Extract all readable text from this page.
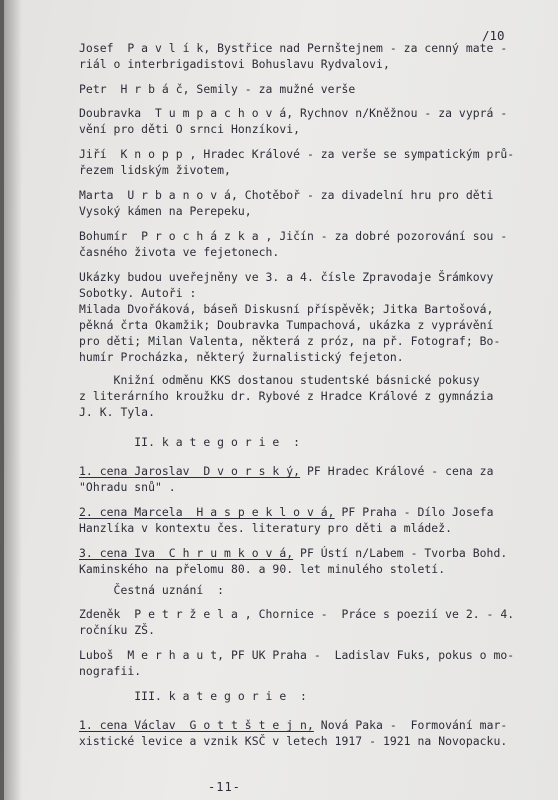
/10

Josef  P a v l í k, Bystřice nad Pernštejnem - za cenný mate -
riál o interbrigadistovi Bohuslavu Rydvalovi,

Petr  H r b á č, Semily - za mužné verše

Doubravka  T u m p a c h o v á, Rychnov n/Kněžnou - za vyprá -
vění pro děti O srnci Honzíkovi,

Jiří  K n o p p , Hradec Králové - za verše se sympatickým prů-
řezem lidským životem,

Marta  U r b a n o v á, Chotěboř - za divadelní hru pro děti
Vysoký kámen na Perepeku,

Bohumír  P r o c h á z k a , Jičín - za dobré pozorování sou -
časného života ve fejetonech.

Ukázky budou uveřejněny ve 3. a 4. čísle Zpravodaje Šrámkovy
Sobotky. Autoři :
Milada Dvořáková, báseň Diskusní příspěvěk; Jitka Bartošová,
pěkná črta Okamžik; Doubravka Tumpachová, ukázka z vyprávění
pro děti; Milan Valenta, některá z próz, na př. Fotograf; Bo-
humír Procházka, některý žurnalistický fejeton.

Knižní odměnu KKS dostanou studentské básnické pokusy
z literárního kroužku dr. Rybové z Hradce Králové z gymnázia
J. K. Tyla.

II. k a t e g o r i e  :

1. cena Jaroslav  D v o r s k ý, PF Hradec Králové - cena za
"Ohradu snů" .

2. cena Marcela  H a s p e k l o v á, PF Praha - Dílo Josefa
Hanzlíka v kontextu čes. literatury pro děti a mládež.

3. cena Iva  C h r u m k o v á, PF Ústí n/Labem - Tvorba Bohd.
Kaminského na přelomu 80. a 90. let minulého století.

Čestná uznání  :

Zdeněk  P e t r ž e l a , Chornice -  Práce s poezií ve 2. - 4.
ročníku ZŠ.

Luboš  M e r h a u t, PF UK Praha -  Ladislav Fuks, pokus o mo-
nografii.

III. k a t e g o r i e  :

1. cena Václav  G o t t š t e j n, Nová Paka -  Formování mar-
xistické levice a vznik KSČ v letech 1917 - 1921 na Novopacku.

-11-
